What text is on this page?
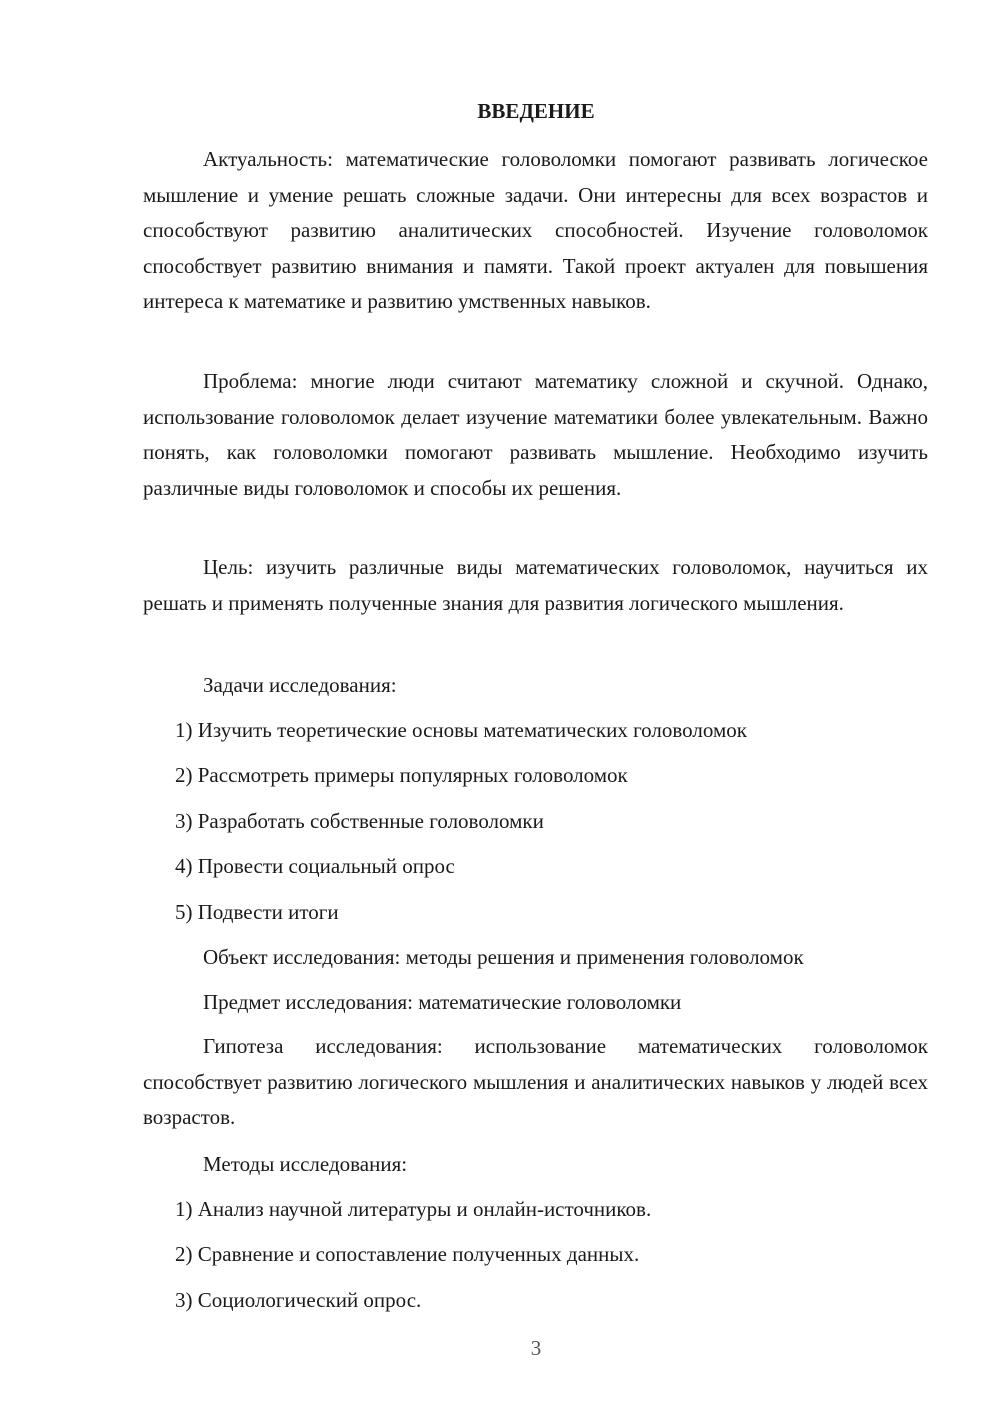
ВВЕДЕНИЕ
Актуальность: математические головоломки помогают развивать логическое мышление и умение решать сложные задачи. Они интересны для всех возрастов и способствуют развитию аналитических способностей. Изучение головоломок способствует развитию внимания и памяти. Такой проект актуален для повышения интереса к математике и развитию умственных навыков.
Проблема: многие люди считают математику сложной и скучной. Однако, использование головоломок делает изучение математики более увлекательным. Важно понять, как головоломки помогают развивать мышление. Необходимо изучить различные виды головоломок и способы их решения.
Цель: изучить различные виды математических головоломок, научиться их решать и применять полученные знания для развития логического мышления.
Задачи исследования:
1) Изучить теоретические основы математических головоломок
2) Рассмотреть примеры популярных головоломок
3) Разработать собственные головоломки
4) Провести социальный опрос
5) Подвести итоги
Объект исследования: методы решения и применения головоломок
Предмет исследования: математические головоломки
Гипотеза исследования: использование математических головоломок способствует развитию логического мышления и аналитических навыков у людей всех возрастов.
Методы исследования:
1) Анализ научной литературы и онлайн-источников.
2) Сравнение и сопоставление полученных данных.
3) Социологический опрос.
3
